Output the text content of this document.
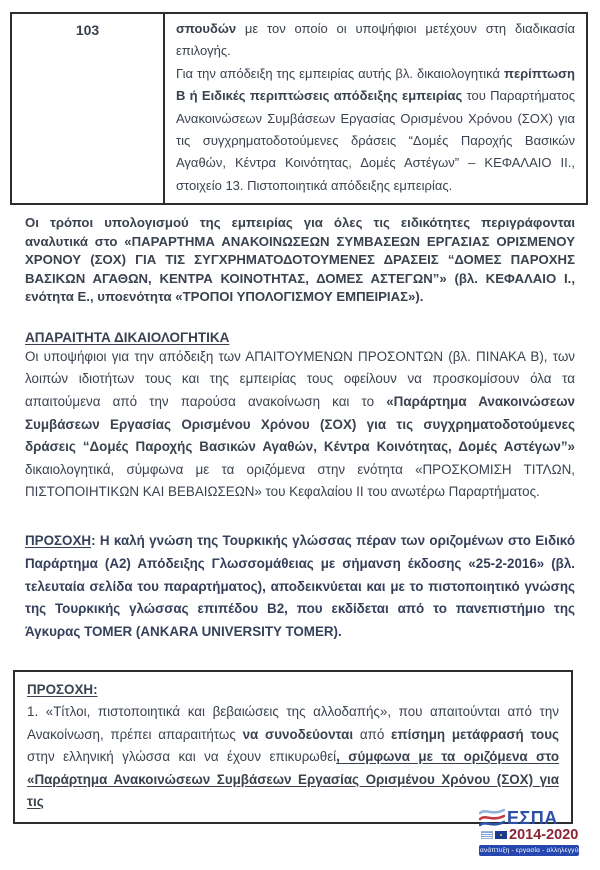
103	σπουδών με τον οποίο οι υποψήφιοι μετέχουν στη διαδικασία επιλογής.

Για την απόδειξη της εμπειρίας αυτής βλ. δικαιολογητικά περίπτωση Β ή Ειδικές περιπτώσεις απόδειξης εμπειρίας του Παραρτήματος Ανακοινώσεων Συμβάσεων Εργασίας Ορισμένου Χρόνου (ΣΟΧ) για τις συγχρηματοδοτούμενες δράσεις “Δομές Παροχής Βασικών Αγαθών, Κέντρα Κοινότητας, Δομές Αστέγων” – ΚΕΦΑΛΑΙΟ ΙΙ., στοιχείο 13. Πιστοποιητικά απόδειξης εμπειρίας.

Οι τρόποι υπολογισμού της εμπειρίας για όλες τις ειδικότητες περιγράφονται αναλυτικά στο «ΠΑΡΑΡΤΗΜΑ ΑΝΑΚΟΙΝΩΣΕΩΝ ΣΥΜΒΑΣΕΩΝ ΕΡΓΑΣΙΑΣ ΟΡΙΣΜΕΝΟΥ ΧΡΟΝΟΥ (ΣΟΧ) ΓΙΑ ΤΙΣ ΣΥΓΧΡΗΜΑΤΟΔΟΤΟΥΜΕΝΕΣ ΔΡΑΣΕΙΣ “ΔΟΜΕΣ ΠΑΡΟΧΗΣ ΒΑΣΙΚΩΝ ΑΓΑΘΩΝ, ΚΕΝΤΡΑ ΚΟΙΝΟΤΗΤΑΣ, ΔΟΜΕΣ ΑΣΤΕΓΩΝ”» (βλ. ΚΕΦΑΛΑΙΟ Ι., ενότητα Ε., υποενότητα «ΤΡΟΠΟΙ ΥΠΟΛΟΓΙΣΜΟΥ ΕΜΠΕΙΡΙΑΣ»).

ΑΠΑΡΑΙΤΗΤΑ ΔΙΚΑΙΟΛΟΓΗΤΙΚΑ

Οι υποψήφιοι για την απόδειξη των ΑΠΑΙΤΟΥΜΕΝΩΝ ΠΡΟΣΟΝΤΩΝ (βλ. ΠΙΝΑΚΑ Β), των λοιπών ιδιοτήτων τους και της εμπειρίας τους οφείλουν να προσκομίσουν όλα τα απαιτούμενα από την παρούσα ανακοίνωση και το «Παράρτημα Ανακοινώσεων Συμβάσεων Εργασίας Ορισμένου Χρόνου (ΣΟΧ) για τις συγχρηματοδοτούμενες δράσεις “Δομές Παροχής Βασικών Αγαθών, Κέντρα Κοινότητας, Δομές Αστέγων”» δικαιολογητικά, σύμφωνα με τα οριζόμενα στην ενότητα «ΠΡΟΣΚΟΜΙΣΗ ΤΙΤΛΩΝ, ΠΙΣΤΟΠΟΙΗΤΙΚΩΝ ΚΑΙ ΒΕΒΑΙΩΣΕΩΝ» του Κεφαλαίου ΙΙ του ανωτέρω Παραρτήματος.

ΠΡΟΣΟΧΗ: Η καλή γνώση της Τουρκικής γλώσσας πέραν των οριζομένων στο Ειδικό Παράρτημα (Α2) Απόδειξης Γλωσσομάθειας με σήμανση έκδοσης «25-2-2016» (βλ. τελευταία σελίδα του παραρτήματος), αποδεικνύεται και με το πιστοποιητικό γνώσης της Τουρκικής γλώσσας επιπέδου Β2, που εκδίδεται από το πανεπιστήμιο της Άγκυρας TOMER (ANKARA UNIVERSITY TOMER).

ΠΡΟΣΟΧΗ:
1. «Τίτλοι, πιστοποιητικά και βεβαιώσεις της αλλοδαπής», που απαιτούνται από την Ανακοίνωση, πρέπει απαραιτήτως να συνοδεύονται από επίσημη μετάφρασή τους στην ελληνική γλώσσα και να έχουν επικυρωθεί, σύμφωνα με τα οριζόμενα στο «Παράρτημα Ανακοινώσεων Συμβάσεων Εργασίας Ορισμένου Χρόνου (ΣΟΧ) για τις
ΕΣΠΑ
2014-2020
ανάπτυξη - εργασία - αλληλεγγύη
